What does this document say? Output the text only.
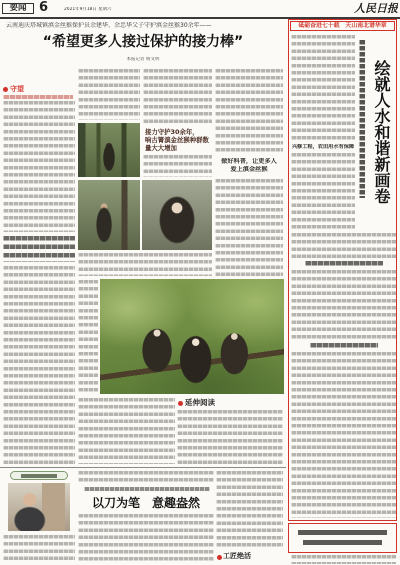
要闻 6	2021年9月18日 星期六	人民日报
云南迪庆塔城镇滇金丝猴保护员余建华、余忠华父子守护滇金丝猴30余年——
“希望更多人接过保护的接力棒”
本报记者 杨文明
守望
接力守护30余年，
响古箐滇金丝猴种群数
量大大增加
做好科普，让更多人
爱上滇金丝猴
延伸阅读
以刀为笔　意趣盎然
工匠绝活
砥砺奋进七十载　天山南北谱华章
兴修工程，农田用水有保障 绘就人水和谐新画卷
